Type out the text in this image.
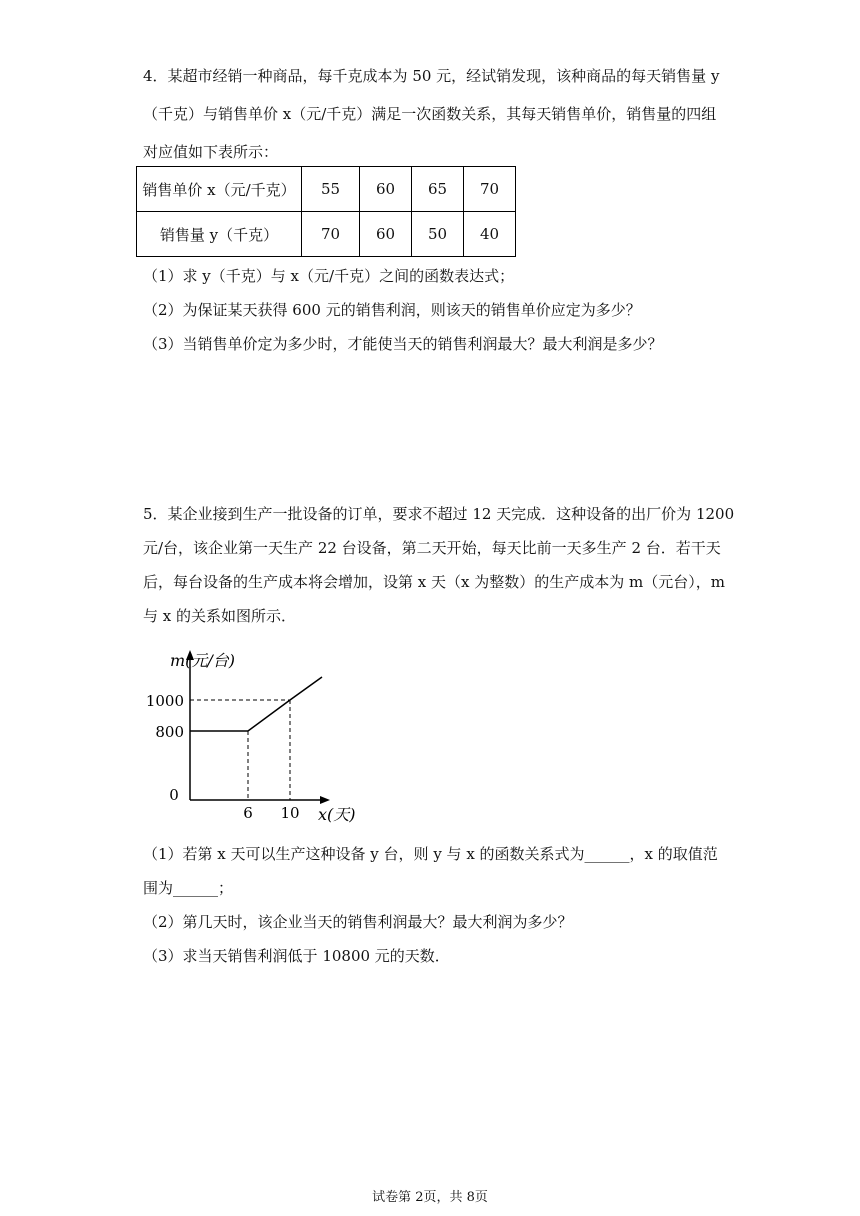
4．某超市经销一种商品，每千克成本为 50 元，经试销发现，该种商品的每天销售量 y
（千克）与销售单价 x（元/千克）满足一次函数关系，其每天销售单价，销售量的四组
对应值如下表所示：
销售单价 x（元/千克）	55	60	65	70
销售量 y（千克）	70	60	50	40
（1）求 y（千克）与 x（元/千克）之间的函数表达式；
（2）为保证某天获得 600 元的销售利润，则该天的销售单价应定为多少？
（3）当销售单价定为多少时，才能使当天的销售利润最大？最大利润是多少？
5．某企业接到生产一批设备的订单，要求不超过 12 天完成．这种设备的出厂价为 1200
元/台，该企业第一天生产 22 台设备，第二天开始，每天比前一天多生产 2 台．若干天
后，每台设备的生产成本将会增加，设第 x 天（x 为整数）的生产成本为 m（元台），m
与 x 的关系如图所示．
m(元/台)
1000
800
0
6 10 x(天)
（1）若第 x 天可以生产这种设备 y 台，则 y 与 x 的函数关系式为______，x 的取值范
围为______；
（2）第几天时，该企业当天的销售利润最大？最大利润为多少？
（3）求当天销售利润低于 10800 元的天数．
试卷第 2页，共 8页
